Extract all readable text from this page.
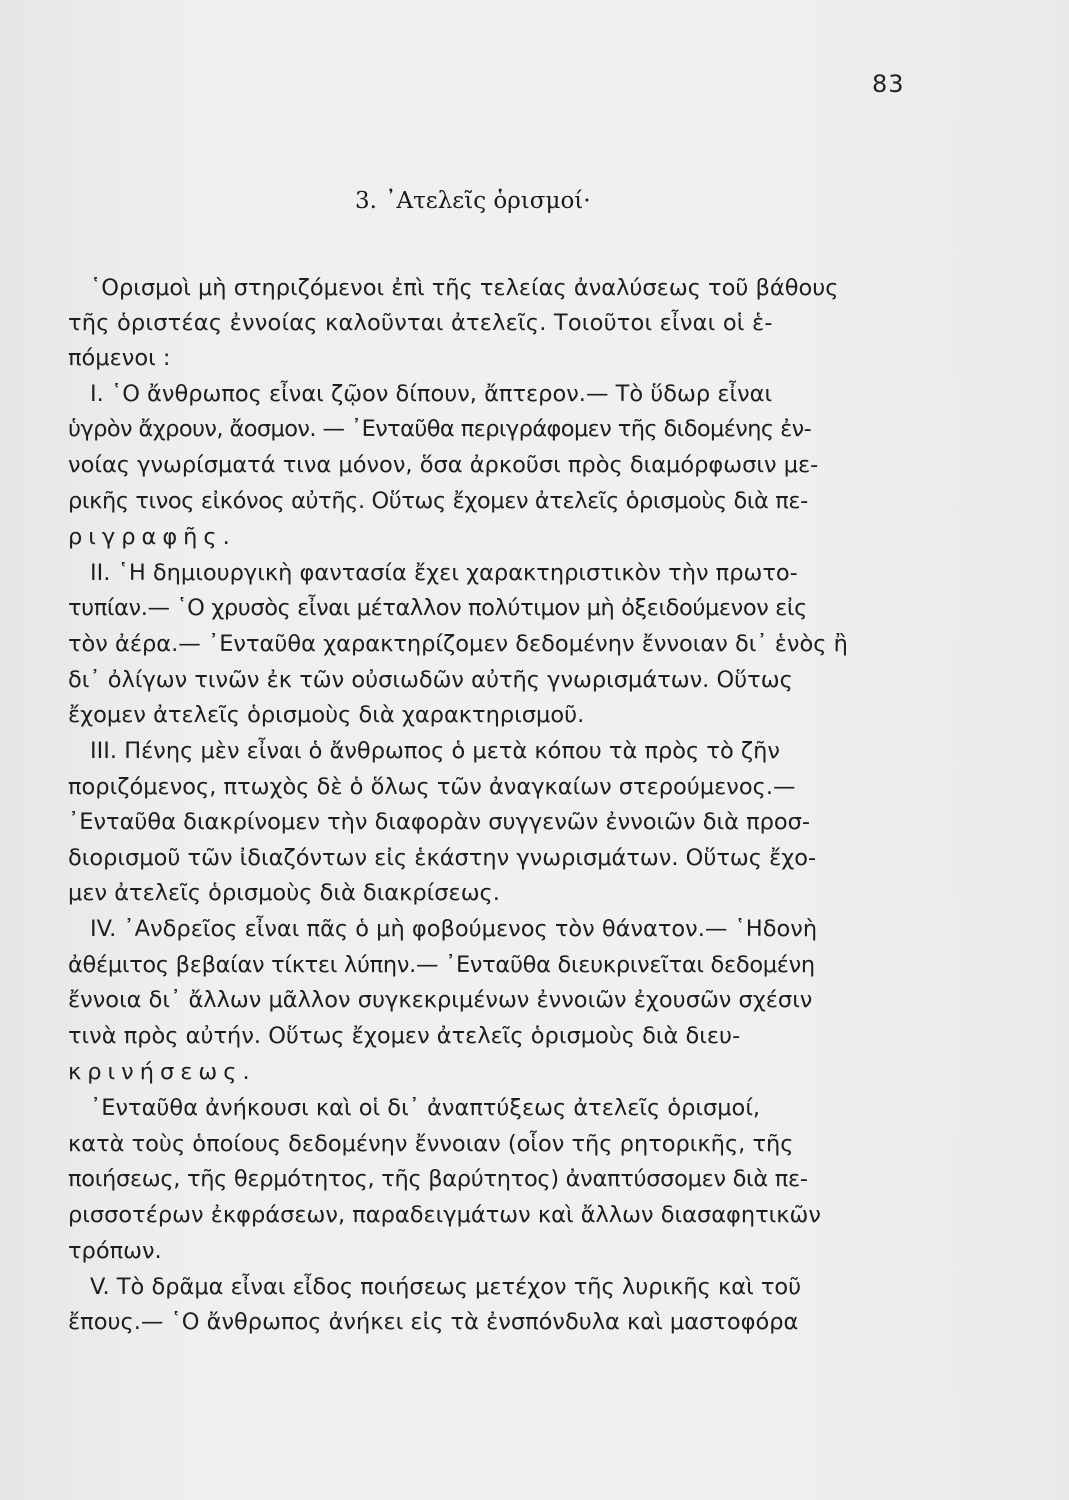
83
3. ᾿Ατελεῖς ὁρισμοί·
῾Ορισμοὶ μὴ στηριζόμενοι ἐπὶ τῆς τελείας ἀναλύσεως τοῦ βάθους
τῆς ὁριστέας ἐννοίας καλοῦνται ἀτελεῖς. Τοιοῦτοι εἶναι οἱ ἑ-
πόμενοι :
I. ῾Ο ἄνθρωπος εἶναι ζῷον δίπουν, ἄπτερον.— Τὸ ὕδωρ εἶναι
ὑγρὸν ἄχρουν, ἄοσμον. — ᾿Ενταῦθα περιγράφομεν τῆς διδομένης ἐν-
νοίας γνωρίσματά τινα μόνον, ὅσα ἀρκοῦσι πρὸς διαμόρφωσιν με-
ρικῆς τινος εἰκόνος αὐτῆς. Οὕτως ἔχομεν ἀτελεῖς ὁρισμοὺς διὰ πε-
ριγραφῆς.
II. ῾Η δημιουργικὴ φαντασία ἔχει χαρακτηριστικὸν τὴν πρωτο-
τυπίαν.— ῾Ο χρυσὸς εἶναι μέταλλον πολύτιμον μὴ ὀξειδούμενον εἰς
τὸν ἀέρα.— ᾿Ενταῦθα χαρακτηρίζομεν δεδομένην ἔννοιαν δι᾿ ἑνὸς ἢ
δι᾿ ὀλίγων τινῶν ἐκ τῶν οὐσιωδῶν αὐτῆς γνωρισμάτων. Οὕτως
ἔχομεν ἀτελεῖς ὁρισμοὺς διὰ χαρακτηρισμοῦ.
III. Πένης μὲν εἶναι ὁ ἄνθρωπος ὁ μετὰ κόπου τὰ πρὸς τὸ ζῆν
ποριζόμενος, πτωχὸς δὲ ὁ ὅλως τῶν ἀναγκαίων στερούμενος.—
᾿Ενταῦθα διακρίνομεν τὴν διαφορὰν συγγενῶν ἐννοιῶν διὰ προσ-
διορισμοῦ τῶν ἰδιαζόντων εἰς ἑκάστην γνωρισμάτων. Οὕτως ἔχο-
μεν ἀτελεῖς ὁρισμοὺς διὰ διακρίσεως.
IV. ᾿Ανδρεῖος εἶναι πᾶς ὁ μὴ φοβούμενος τὸν θάνατον.— ῾Ηδονὴ
ἀθέμιτος βεβαίαν τίκτει λύπην.— ᾿Ενταῦθα διευκρινεῖται δεδομένη
ἔννοια δι᾿ ἄλλων μᾶλλον συγκεκριμένων ἐννοιῶν ἐχουσῶν σχέσιν
τινὰ πρὸς αὐτήν. Οὕτως ἔχομεν ἀτελεῖς ὁρισμοὺς διὰ διευ-
κρινήσεως.
᾿Ενταῦθα ἀνήκουσι καὶ οἱ δι᾿ ἀναπτύξεως ἀτελεῖς ὁρισμοί,
κατὰ τοὺς ὁποίους δεδομένην ἔννοιαν (οἷον τῆς ρητορικῆς, τῆς
ποιήσεως, τῆς θερμότητος, τῆς βαρύτητος) ἀναπτύσσομεν διὰ πε-
ρισσοτέρων ἐκφράσεων, παραδειγμάτων καὶ ἄλλων διασαφητικῶν
τρόπων.
V. Τὸ δρᾶμα εἶναι εἶδος ποιήσεως μετέχον τῆς λυρικῆς καὶ τοῦ
ἔπους.— ῾Ο ἄνθρωπος ἀνήκει εἰς τὰ ἐνσπόνδυλα καὶ μαστοφόρα
